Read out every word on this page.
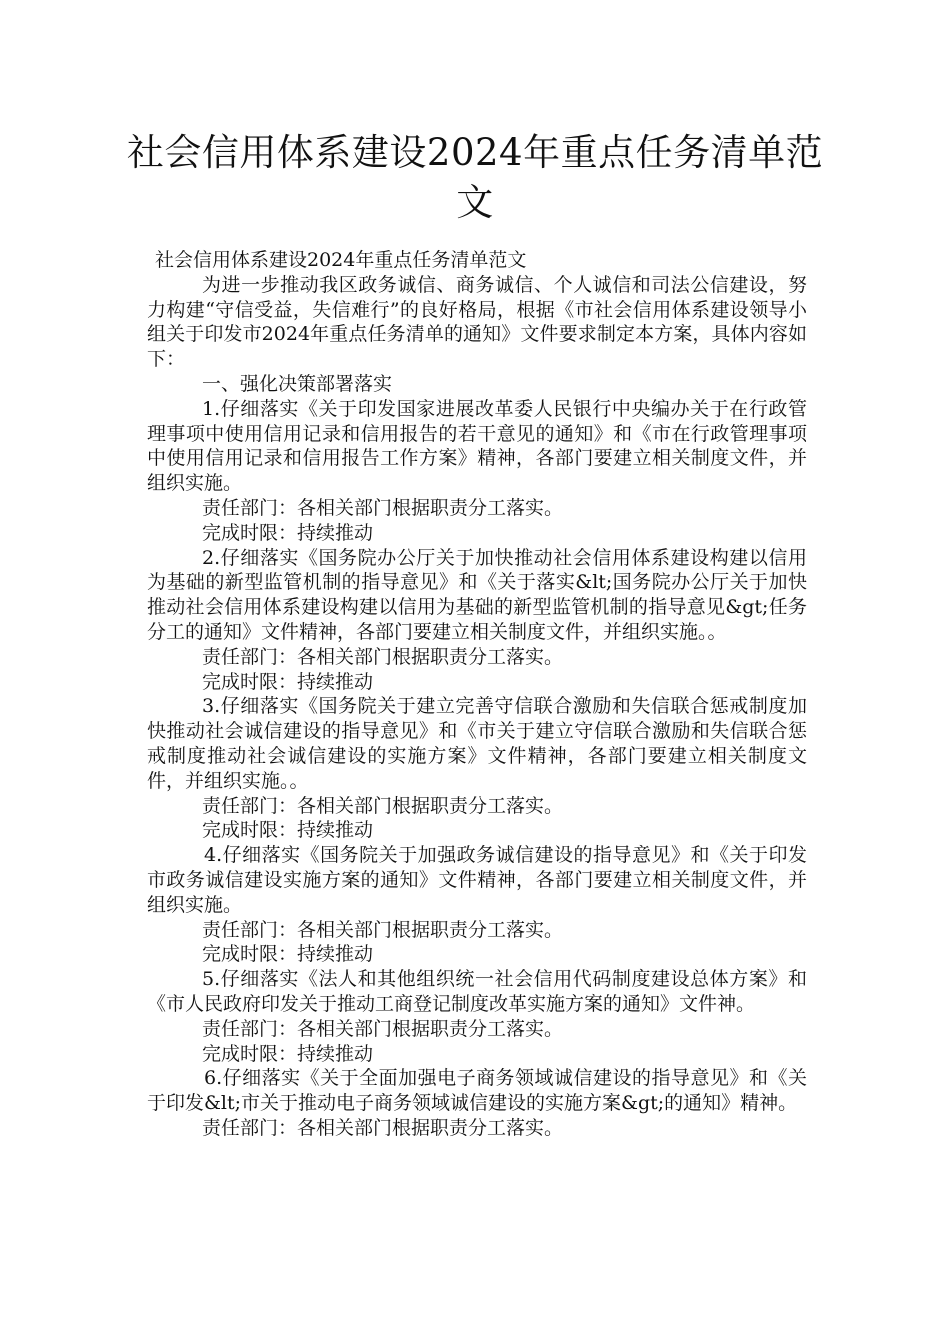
社会信用体系建设2024年重点任务清单范文

社会信用体系建设2024年重点任务清单范文

为进一步推动我区政务诚信、商务诚信、个人诚信和司法公信建设，努力构建“守信受益，失信难行”的良好格局，根据《市社会信用体系建设领导小组关于印发市2024年重点任务清单的通知》文件要求制定本方案，具体内容如下：

一、强化决策部署落实

1.仔细落实《关于印发国家进展改革委人民银行中央编办关于在行政管理事项中使用信用记录和信用报告的若干意见的通知》和《市在行政管理事项中使用信用记录和信用报告工作方案》精神，各部门要建立相关制度文件，并组织实施。

责任部门：各相关部门根据职责分工落实。

完成时限：持续推动

2.仔细落实《国务院办公厅关于加快推动社会信用体系建设构建以信用为基础的新型监管机制的指导意见》和《关于落实&lt;国务院办公厅关于加快推动社会信用体系建设构建以信用为基础的新型监管机制的指导意见&gt;任务分工的通知》文件精神，各部门要建立相关制度文件，并组织实施。。

责任部门：各相关部门根据职责分工落实。

完成时限：持续推动

3.仔细落实《国务院关于建立完善守信联合激励和失信联合惩戒制度加快推动社会诚信建设的指导意见》和《市关于建立守信联合激励和失信联合惩戒制度推动社会诚信建设的实施方案》文件精神，各部门要建立相关制度文件，并组织实施。。

责任部门：各相关部门根据职责分工落实。

完成时限：持续推动

4.仔细落实《国务院关于加强政务诚信建设的指导意见》和《关于印发市政务诚信建设实施方案的通知》文件精神，各部门要建立相关制度文件，并组织实施。

责任部门：各相关部门根据职责分工落实。

完成时限：持续推动

5.仔细落实《法人和其他组织统一社会信用代码制度建设总体方案》和《市人民政府印发关于推动工商登记制度改革实施方案的通知》文件神。

责任部门：各相关部门根据职责分工落实。

完成时限：持续推动

6.仔细落实《关于全面加强电子商务领域诚信建设的指导意见》和《关于印发&lt;市关于推动电子商务领域诚信建设的实施方案&gt;的通知》精神。

责任部门：各相关部门根据职责分工落实。
